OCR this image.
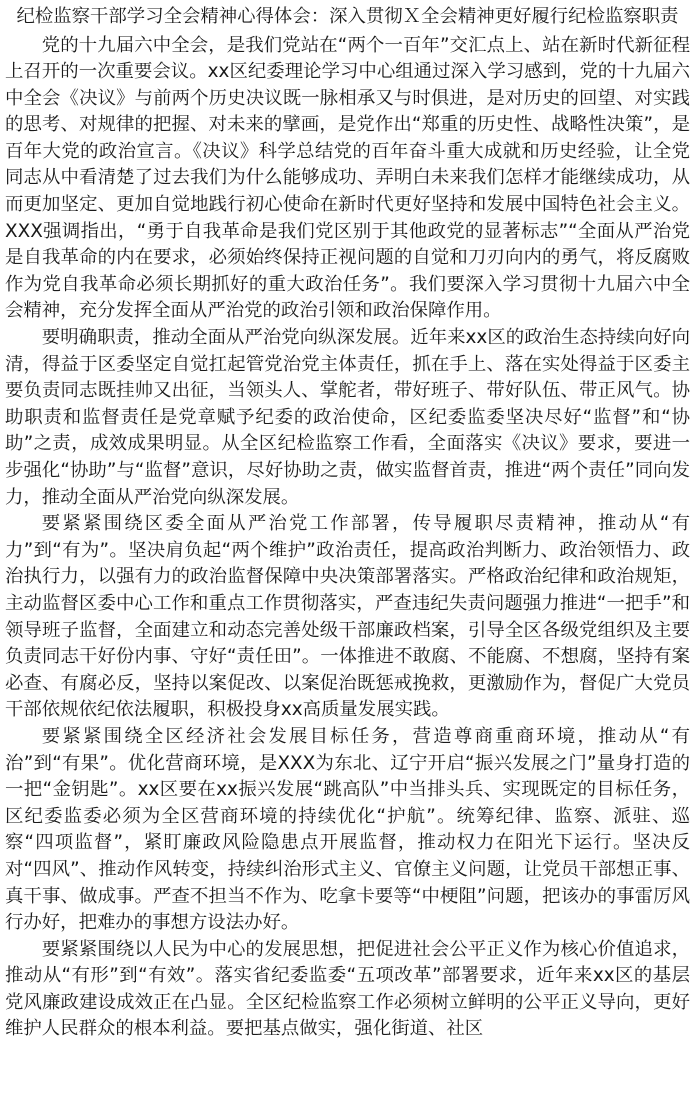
纪检监察干部学习全会精神心得体会：深入贯彻Ｘ全会精神更好履行纪检监察职责

党的十九届六中全会，是我们党站在“两个一百年”交汇点上、站在新时代新征程上召开的一次重要会议。xx区纪委理论学习中心组通过深入学习感到，党的十九届六中全会《决议》与前两个历史决议既一脉相承又与时俱进，是对历史的回望、对实践的思考、对规律的把握、对未来的擘画，是党作出“郑重的历史性、战略性决策”，是百年大党的政治宣言。《决议》科学总结党的百年奋斗重大成就和历史经验，让全党同志从中看清楚了过去我们为什么能够成功、弄明白未来我们怎样才能继续成功，从而更加坚定、更加自觉地践行初心使命在新时代更好坚持和发展中国特色社会主义。XXX强调指出，“勇于自我革命是我们党区别于其他政党的显著标志”“全面从严治党是自我革命的内在要求，必须始终保持正视问题的自觉和刀刃向内的勇气，将反腐败作为党自我革命必须长期抓好的重大政治任务”。我们要深入学习贯彻十九届六中全会精神，充分发挥全面从严治党的政治引领和政治保障作用。

要明确职责，推动全面从严治党向纵深发展。近年来xx区的政治生态持续向好向清，得益于区委坚定自觉扛起管党治党主体责任，抓在手上、落在实处得益于区委主要负责同志既挂帅又出征，当领头人、掌舵者，带好班子、带好队伍、带正风气。协助职责和监督责任是党章赋予纪委的政治使命，区纪委监委坚决尽好“监督”和“协助”之责，成效成果明显。从全区纪检监察工作看，全面落实《决议》要求，要进一步强化“协助”与“监督”意识，尽好协助之责，做实监督首责，推进“两个责任”同向发力，推动全面从严治党向纵深发展。

要紧紧围绕区委全面从严治党工作部署，传导履职尽责精神，推动从“有力”到“有为”。坚决肩负起“两个维护”政治责任，提高政治判断力、政治领悟力、政治执行力，以强有力的政治监督保障中央决策部署落实。严格政治纪律和政治规矩，主动监督区委中心工作和重点工作贯彻落实，严查违纪失责问题强力推进“一把手”和领导班子监督，全面建立和动态完善处级干部廉政档案，引导全区各级党组织及主要负责同志干好份内事、守好“责任田”。一体推进不敢腐、不能腐、不想腐，坚持有案必查、有腐必反，坚持以案促改、以案促治既惩戒挽救，更激励作为，督促广大党员干部依规依纪依法履职，积极投身xx高质量发展实践。

要紧紧围绕全区经济社会发展目标任务，营造尊商重商环境，推动从“有治”到“有果”。优化营商环境，是XXX为东北、辽宁开启“振兴发展之门”量身打造的一把“金钥匙”。xx区要在xx振兴发展“跳高队”中当排头兵、实现既定的目标任务，区纪委监委必须为全区营商环境的持续优化“护航”。统筹纪律、监察、派驻、巡察“四项监督”，紧盯廉政风险隐患点开展监督，推动权力在阳光下运行。坚决反对“四风”、推动作风转变，持续纠治形式主义、官僚主义问题，让党员干部想正事、真干事、做成事。严查不担当不作为、吃拿卡要等“中梗阻”问题，把该办的事雷厉风行办好，把难办的事想方设法办好。

要紧紧围绕以人民为中心的发展思想，把促进社会公平正义作为核心价值追求，推动从“有形”到“有效”。落实省纪委监委“五项改革”部署要求，近年来xx区的基层党风廉政建设成效正在凸显。全区纪检监察工作必须树立鲜明的公平正义导向，更好维护人民群众的根本利益。要把基点做实，强化街道、社区
